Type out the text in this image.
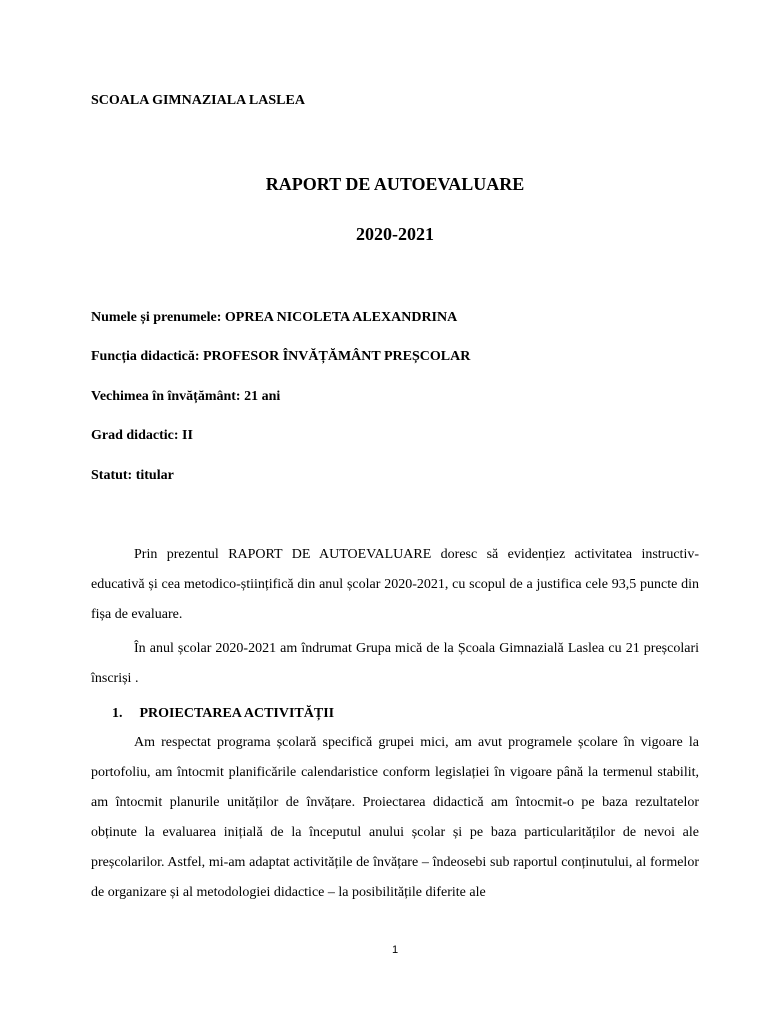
SCOALA GIMNAZIALA LASLEA
RAPORT DE AUTOEVALUARE
2020-2021
Numele și prenumele: OPREA NICOLETA ALEXANDRINA
Funcția didactică: PROFESOR ÎNVĂȚĂMÂNT PREȘCOLAR
Vechimea în învățământ: 21 ani
Grad didactic: II
Statut: titular

Prin prezentul RAPORT DE AUTOEVALUARE doresc să evidențiez activitatea instructiv-educativă și cea metodico-științifică din anul școlar 2020-2021, cu scopul de a justifica cele 93,5 puncte din fișa de evaluare.

În anul școlar 2020-2021 am îndrumat Grupa mică de la Școala Gimnazială Laslea cu 21 preșcolari înscriși .

1. PROIECTAREA ACTIVITĂȚII

Am respectat programa școlară specifică grupei mici, am avut programele școlare în vigoare la portofoliu, am întocmit planificările calendaristice conform legislației în vigoare până la termenul stabilit, am întocmit planurile unităților de învățare. Proiectarea didactică am întocmit-o pe baza rezultatelor obținute la evaluarea inițială de la începutul anului școlar și pe baza particularităților de nevoi ale preșcolarilor. Astfel, mi-am adaptat activitățile de învățare – îndeosebi sub raportul conținutului, al formelor de organizare și al metodologiei didactice – la posibilitățile diferite ale

1
